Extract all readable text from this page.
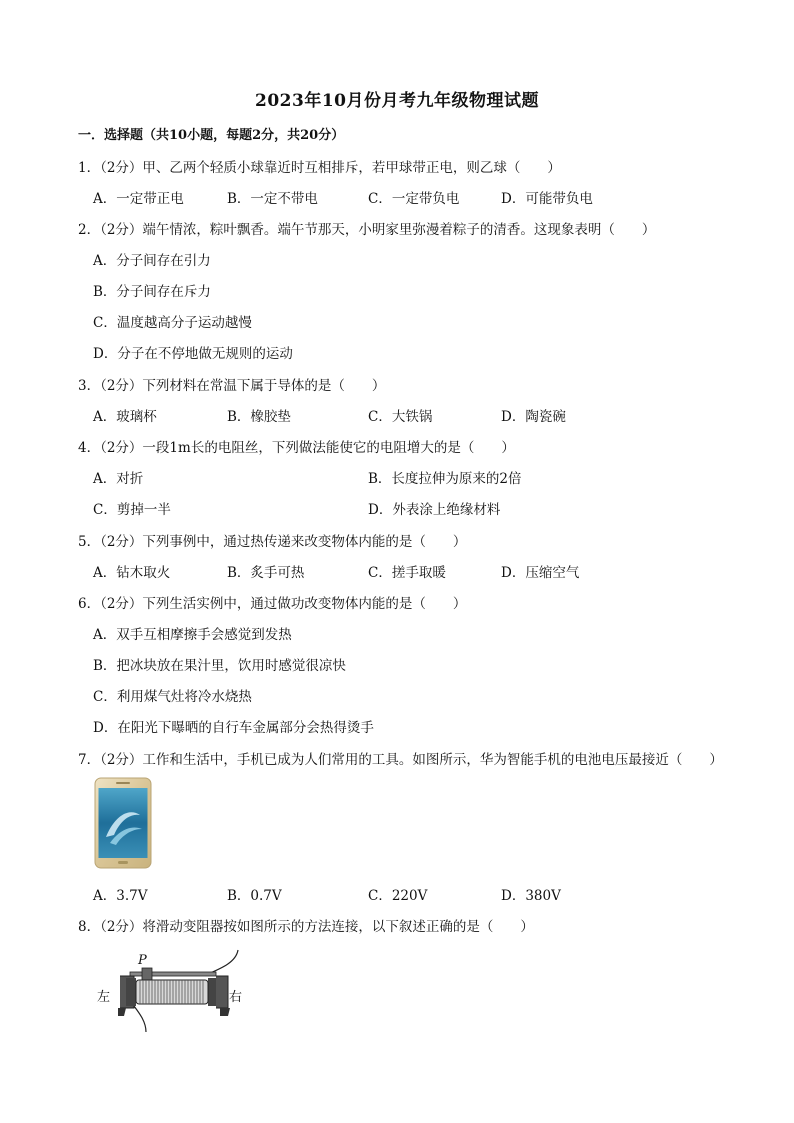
2023年10月份月考九年级物理试题
一．选择题（共10小题，每题2分，共20分）
1．（2分）甲、乙两个轻质小球靠近时互相排斥，若甲球带正电，则乙球（　　）
A．一定带正电	B．一定不带电	C．一定带负电	D．可能带负电
2．（2分）端午情浓，粽叶飘香。端午节那天，小明家里弥漫着粽子的清香。这现象表明（　　）
A．分子间存在引力
B．分子间存在斥力
C．温度越高分子运动越慢
D．分子在不停地做无规则的运动
3．（2分）下列材料在常温下属于导体的是（　　）
A．玻璃杯	B．橡胶垫	C．大铁锅	D．陶瓷碗
4．（2分）一段1m长的电阻丝，下列做法能使它的电阻增大的是（　　）
A．对折	B．长度拉伸为原来的2倍
C．剪掉一半	D．外表涂上绝缘材料
5．（2分）下列事例中，通过热传递来改变物体内能的是（　　）
A．钻木取火	B．炙手可热	C．搓手取暖	D．压缩空气
6．（2分）下列生活实例中，通过做功改变物体内能的是（　　）
A．双手互相摩擦手会感觉到发热
B．把冰块放在果汁里，饮用时感觉很凉快
C．利用煤气灶将冷水烧热
D．在阳光下曝晒的自行车金属部分会热得烫手
7．（2分）工作和生活中，手机已成为人们常用的工具。如图所示，华为智能手机的电池电压最接近（　　）
A．3.7V	B．0.7V	C．220V	D．380V
8．（2分）将滑动变阻器按如图所示的方法连接，以下叙述正确的是（　　）
P
左	右
